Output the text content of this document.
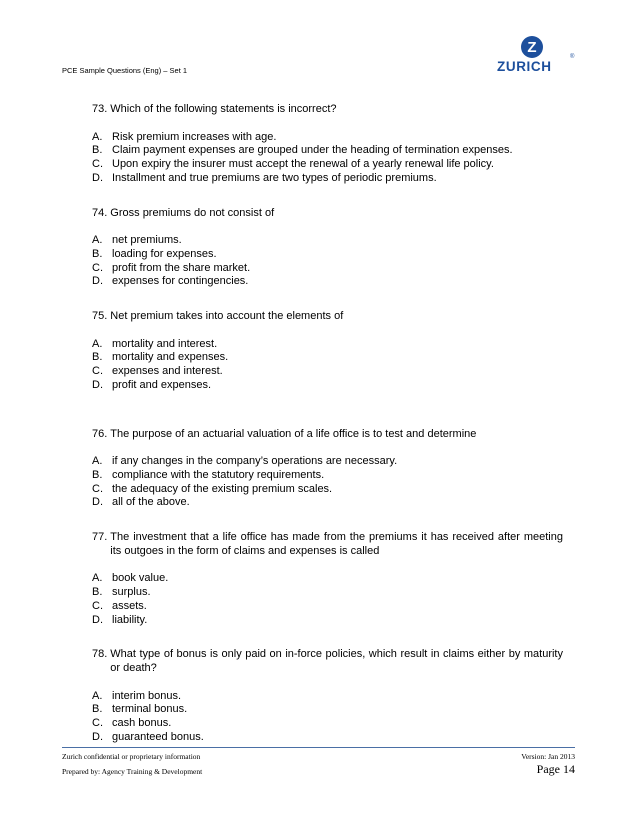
PCE Sample Questions (Eng) – Set 1
Z
ZURICH
®
73. Which of the following statements is incorrect?
A. Risk premium increases with age.
B. Claim payment expenses are grouped under the heading of termination expenses.
C. Upon expiry the insurer must accept the renewal of a yearly renewal life policy.
D. Installment and true premiums are two types of periodic premiums.
74. Gross premiums do not consist of
A. net premiums.
B. loading for expenses.
C. profit from the share market.
D. expenses for contingencies.
75. Net premium takes into account the elements of
A. mortality and interest.
B. mortality and expenses.
C. expenses and interest.
D. profit and expenses.
76. The purpose of an actuarial valuation of a life office is to test and determine
A. if any changes in the company’s operations are necessary.
B. compliance with the statutory requirements.
C. the adequacy of the existing premium scales.
D. all of the above.
77. The investment that a life office has made from the premiums it has received after meeting its outgoes in the form of claims and expenses is called
A. book value.
B. surplus.
C. assets.
D. liability.
78. What type of bonus is only paid on in-force policies, which result in claims either by maturity or death?
A. interim bonus.
B. terminal bonus.
C. cash bonus.
D. guaranteed bonus.
Zurich confidential or proprietary information
Prepared by: Agency Training & Development
Version: Jan 2013
Page 14
